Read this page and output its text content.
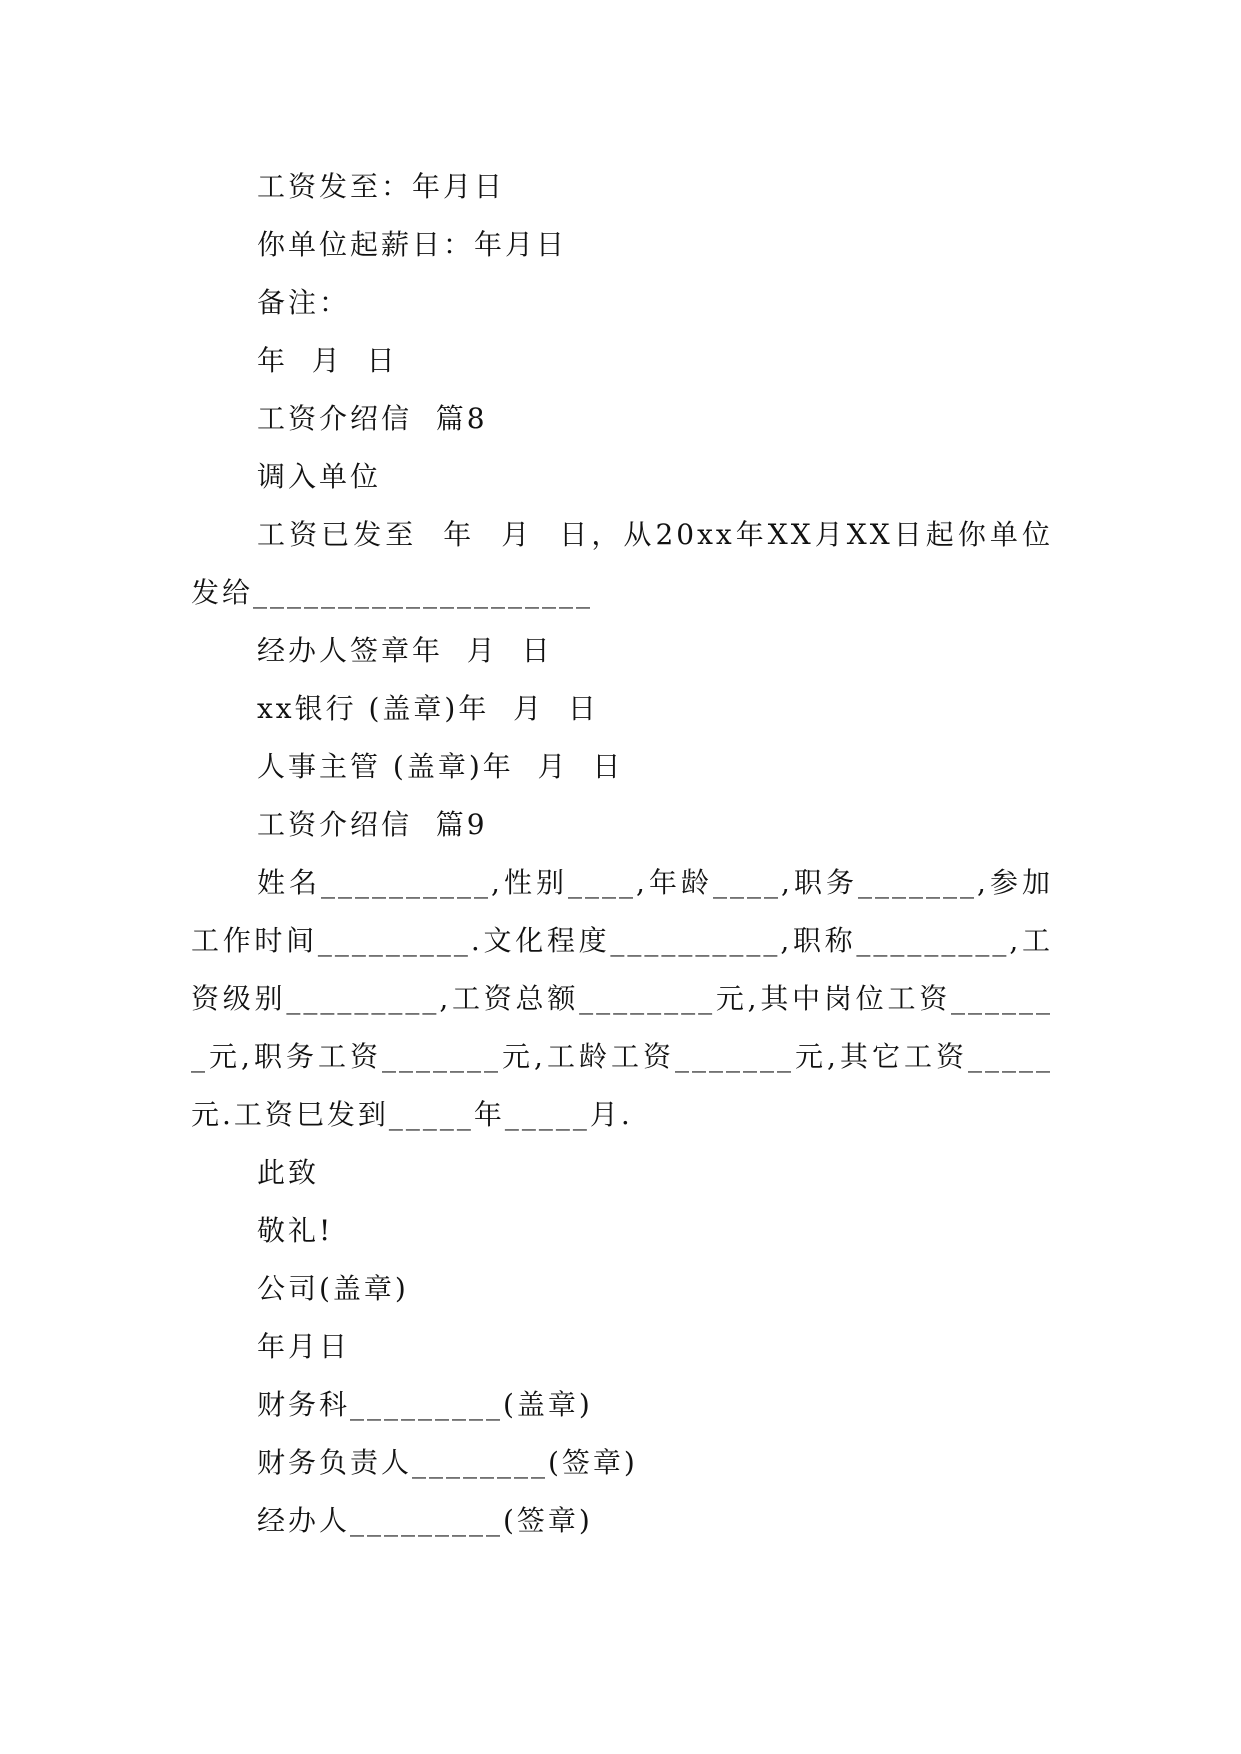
工资发至：年月日

你单位起薪日：年月日

备注：

年  月  日

工资介绍信  篇8

调入单位

工资已发至  年  月  日，从20xx年XX月XX日起你单位发给____________________

经办人签章年  月  日

xx银行 (盖章)年  月  日

人事主管 (盖章)年  月  日

工资介绍信  篇9

姓名__________,性别____,年龄____,职务_______,参加工作时间_________.文化程度__________,职称_________,工资级别_________,工资总额________元,其中岗位工资_______元,职务工资_______元,工龄工资_______元,其它工资_____元.工资巳发到_____年_____月.

此致

敬礼!

公司(盖章)

年月日

财务科_________(盖章)

财务负责人________(签章)

经办人_________(签章)
